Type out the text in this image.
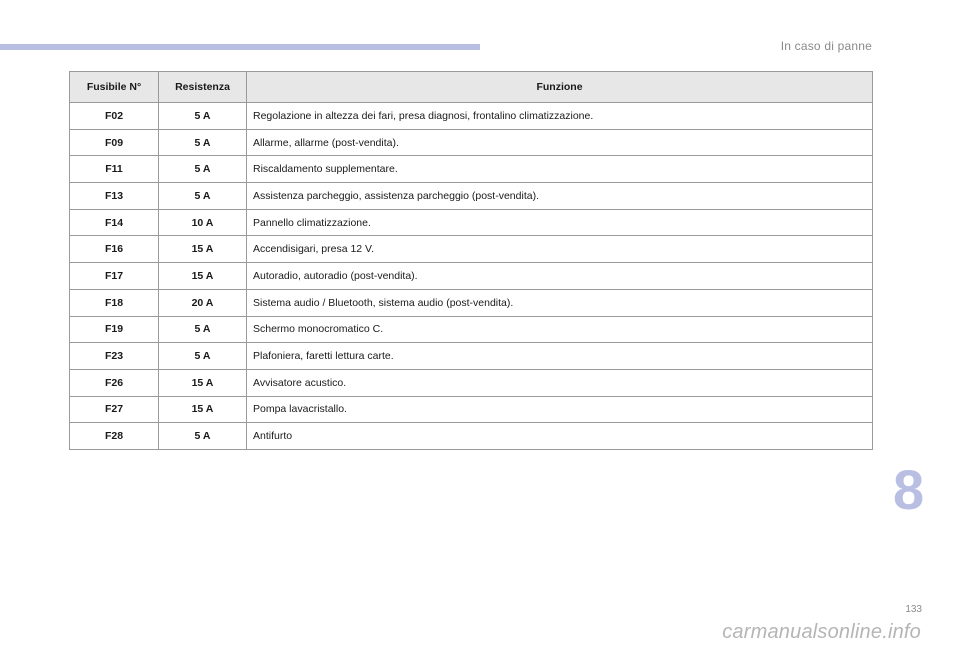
In caso di panne
Fusibile N°	Resistenza	Funzione
F02	5 A	Regolazione in altezza dei fari, presa diagnosi, frontalino climatizzazione.
F09	5 A	Allarme, allarme (post-vendita).
F11	5 A	Riscaldamento supplementare.
F13	5 A	Assistenza parcheggio, assistenza parcheggio (post-vendita).
F14	10 A	Pannello climatizzazione.
F16	15 A	Accendisigari, presa 12 V.
F17	15 A	Autoradio, autoradio (post-vendita).
F18	20 A	Sistema audio / Bluetooth, sistema audio (post-vendita).
F19	5 A	Schermo monocromatico C.
F23	5 A	Plafoniera, faretti lettura carte.
F26	15 A	Avvisatore acustico.
F27	15 A	Pompa lavacristallo.
F28	5 A	Antifurto
8
133
carmanualsonline.info
